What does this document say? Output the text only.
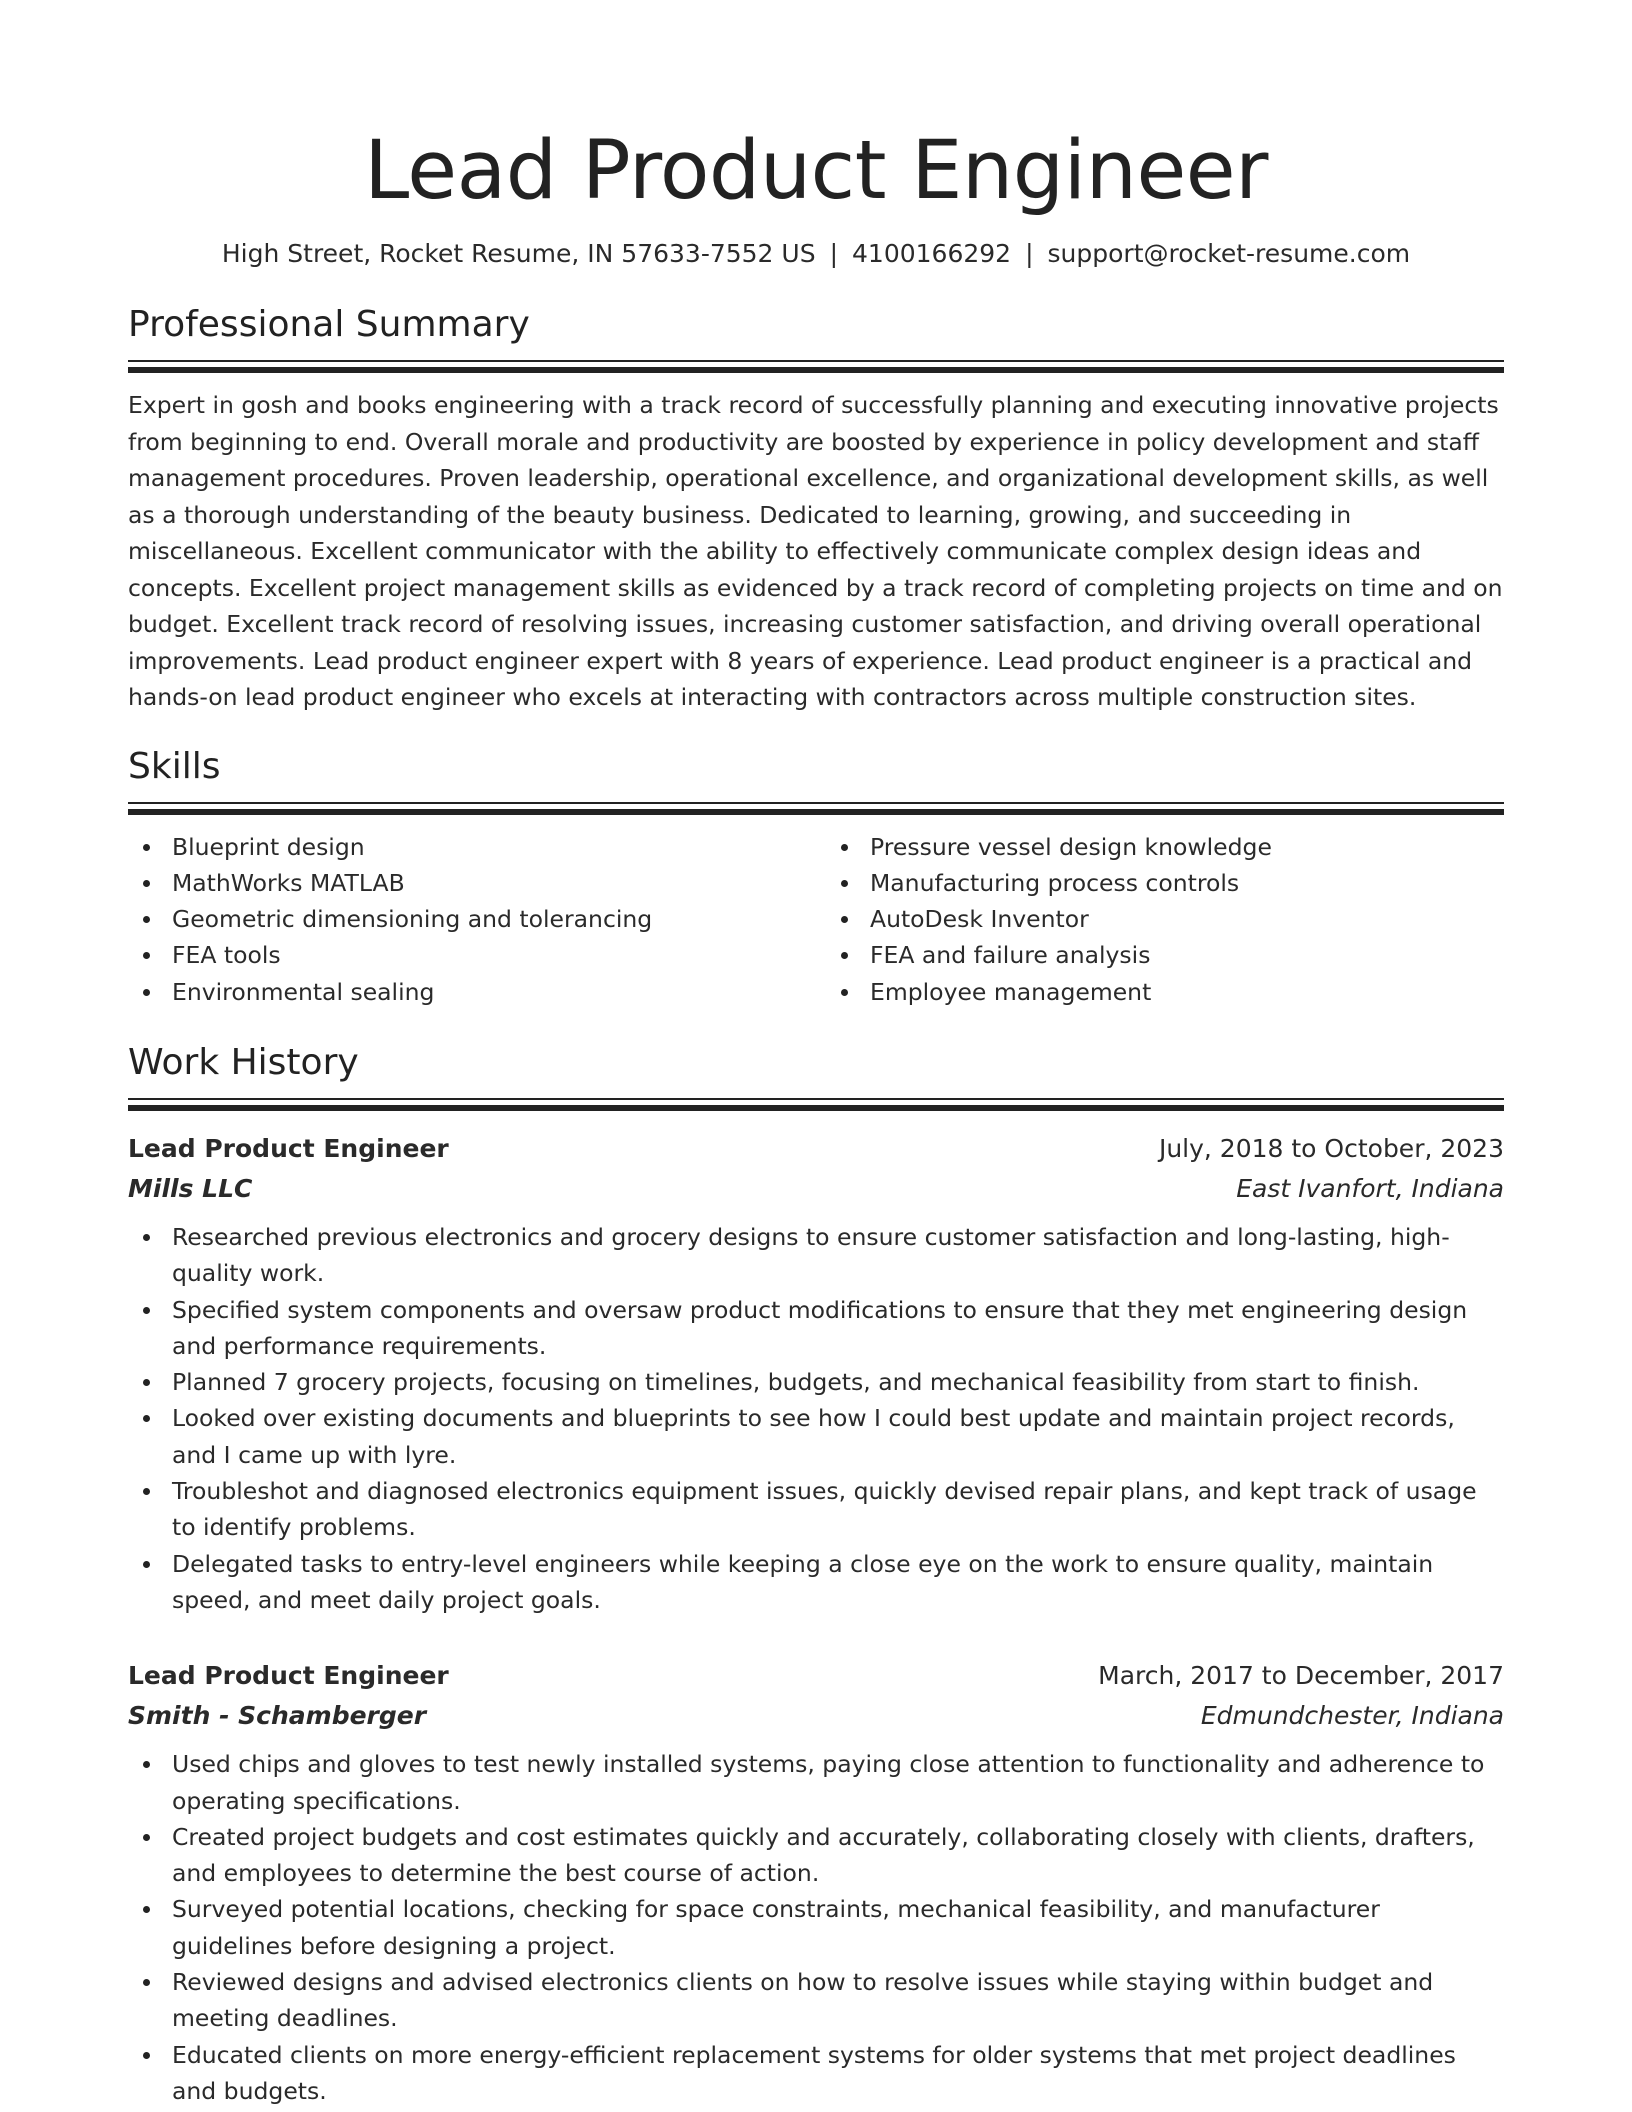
Lead Product Engineer
High Street, Rocket Resume, IN 57633-7552 US | 4100166292 | support@rocket-resume.com
Professional Summary

Expert in gosh and books engineering with a track record of successfully planning and executing innovative projects from beginning to end. Overall morale and productivity are boosted by experience in policy development and staff management procedures. Proven leadership, operational excellence, and organizational development skills, as well as a thorough understanding of the beauty business. Dedicated to learning, growing, and succeeding in miscellaneous. Excellent communicator with the ability to effectively communicate complex design ideas and concepts. Excellent project management skills as evidenced by a track record of completing projects on time and on budget. Excellent track record of resolving issues, increasing customer satisfaction, and driving overall operational improvements. Lead product engineer expert with 8 years of experience. Lead product engineer is a practical and hands-on lead product engineer who excels at interacting with contractors across multiple construction sites.

Skills
Blueprint design
MathWorks MATLAB
Geometric dimensioning and tolerancing
FEA tools
Environmental sealing
Pressure vessel design knowledge
Manufacturing process controls
AutoDesk Inventor
FEA and failure analysis
Employee management
Work History
Lead Product Engineer	July, 2018 to October, 2023
Mills LLC	East Ivanfort, Indiana
Researched previous electronics and grocery designs to ensure customer satisfaction and long-lasting, high-quality work.
Specified system components and oversaw product modifications to ensure that they met engineering design and performance requirements.
Planned 7 grocery projects, focusing on timelines, budgets, and mechanical feasibility from start to finish.
Looked over existing documents and blueprints to see how I could best update and maintain project records, and I came up with lyre.
Troubleshot and diagnosed electronics equipment issues, quickly devised repair plans, and kept track of usage to identify problems.
Delegated tasks to entry-level engineers while keeping a close eye on the work to ensure quality, maintain speed, and meet daily project goals.
Lead Product Engineer	March, 2017 to December, 2017
Smith - Schamberger	Edmundchester, Indiana
Used chips and gloves to test newly installed systems, paying close attention to functionality and adherence to operating specifications.
Created project budgets and cost estimates quickly and accurately, collaborating closely with clients, drafters, and employees to determine the best course of action.
Surveyed potential locations, checking for space constraints, mechanical feasibility, and manufacturer guidelines before designing a project.
Reviewed designs and advised electronics clients on how to resolve issues while staying within budget and meeting deadlines.
Educated clients on more energy-efficient replacement systems for older systems that met project deadlines and budgets.
